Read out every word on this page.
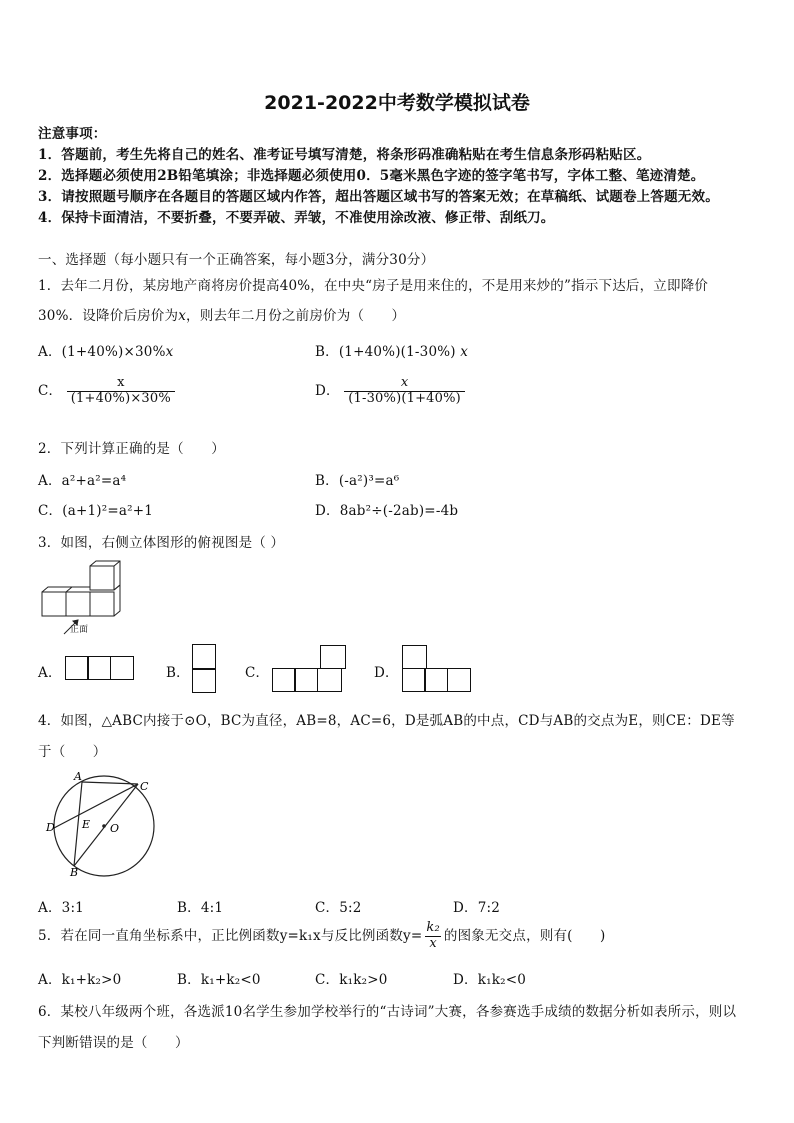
2021-2022中考数学模拟试卷
注意事项：
1．答题前，考生先将自己的姓名、准考证号填写清楚，将条形码准确粘贴在考生信息条形码粘贴区。
2．选择题必须使用2B铅笔填涂；非选择题必须使用0．5毫米黑色字迹的签字笔书写，字体工整、笔迹清楚。
3．请按照题号顺序在各题目的答题区域内作答，超出答题区域书写的答案无效；在草稿纸、试题卷上答题无效。
4．保持卡面清洁，不要折叠，不要弄破、弄皱，不准使用涂改液、修正带、刮纸刀。
一、选择题（每小题只有一个正确答案，每小题3分，满分30分）
1．去年二月份，某房地产商将房价提高40%，在中央“房子是用来住的，不是用来炒的”指示下达后，立即降价
30%．设降价后房价为x，则去年二月份之前房价为（　　）
A．(1+40%)×30%x	B．(1+40%)(1-30%) x
C． $\frac{x}{(1+40\%)\times 30\%}$	D． $\frac{x}{(1-30\%)(1+40\%)}$
2．下列计算正确的是（　　）
A．a²+a²=a⁴	B．(-a²)³=a⁶
C．(a+1)²=a²+1	D．8ab²÷(-2ab)=-4b
3．如图，右侧立体图形的俯视图是（ ）
正面
A．	B．	C．	D．
4．如图，△ABC内接于⊙O，BC为直径，AB=8，AC=6，D是弧AB的中点，CD与AB的交点为E，则CE：DE等
于（　　）
A
C
D E O
B
A．3:1	B．4:1	C．5:2	D．7:2
5．若在同一直角坐标系中，正比例函数y=k₁x与反比例函数$y= \frac{\text{k₂}}{x}$ 的图象无交点，则有(　　)
A．k₁+k₂>0	B．k₁+k₂<0	C．k₁k₂>0	D．k₁k₂<0
6．某校八年级两个班，各选派10名学生参加学校举行的“古诗词”大赛，各参赛选手成绩的数据分析如表所示，则以
下判断错误的是（　　）
